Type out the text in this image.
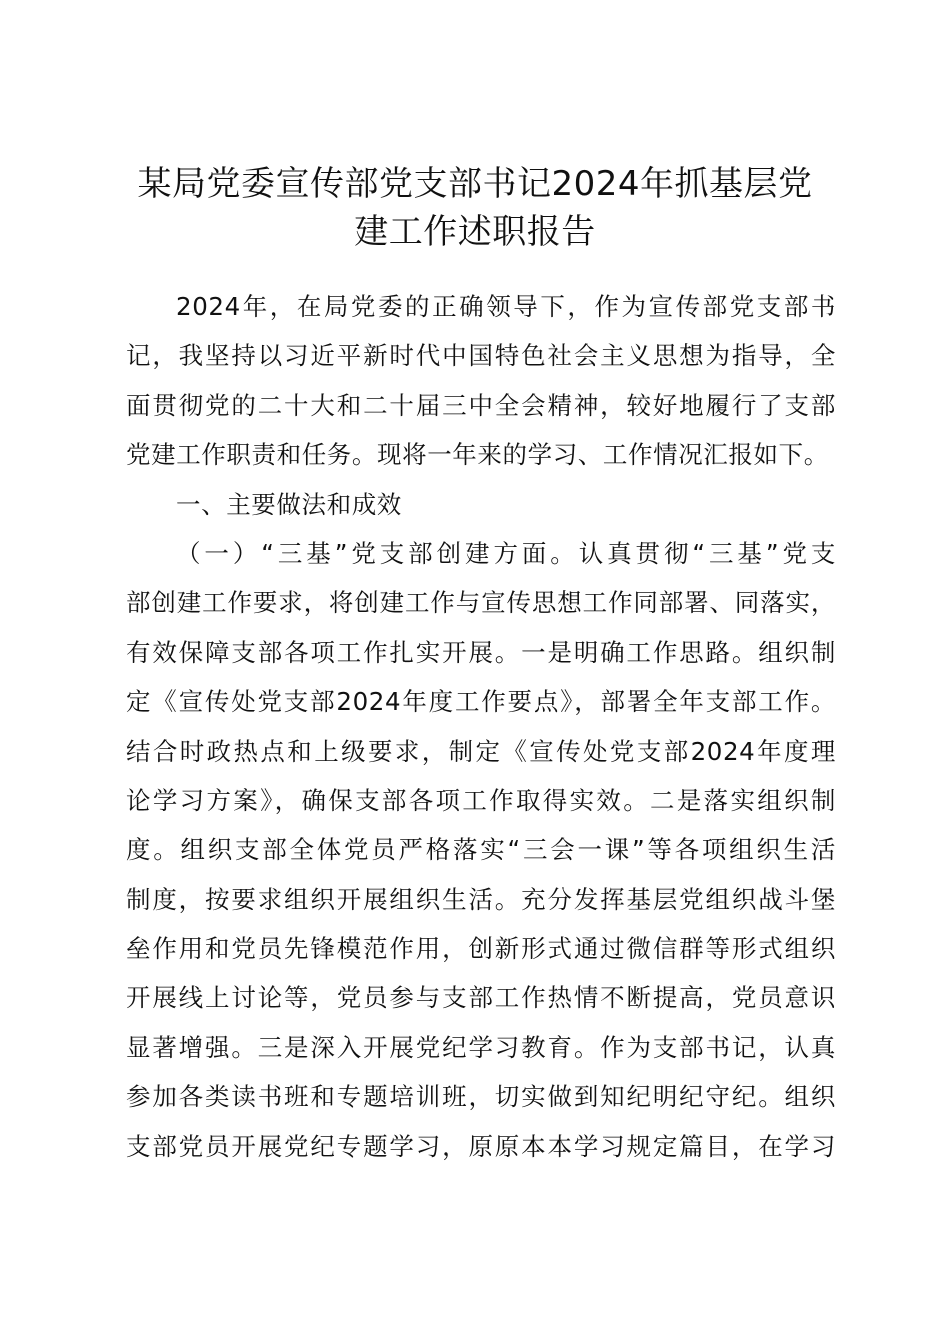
某局党委宣传部党支部书记2024年抓基层党
建工作述职报告
2024年，在局党委的正确领导下，作为宣传部党支部书
记，我坚持以习近平新时代中国特色社会主义思想为指导，全
面贯彻党的二十大和二十届三中全会精神，较好地履行了支部
党建工作职责和任务。现将一年来的学习、工作情况汇报如下。
一、主要做法和成效
（一）“三基”党支部创建方面。认真贯彻“三基”党支
部创建工作要求，将创建工作与宣传思想工作同部署、同落实，
有效保障支部各项工作扎实开展。一是明确工作思路。组织制
定《宣传处党支部2024年度工作要点》，部署全年支部工作。
结合时政热点和上级要求，制定《宣传处党支部2024年度理
论学习方案》，确保支部各项工作取得实效。二是落实组织制
度。组织支部全体党员严格落实“三会一课”等各项组织生活
制度，按要求组织开展组织生活。充分发挥基层党组织战斗堡
垒作用和党员先锋模范作用，创新形式通过微信群等形式组织
开展线上讨论等，党员参与支部工作热情不断提高，党员意识
显著增强。三是深入开展党纪学习教育。作为支部书记，认真
参加各类读书班和专题培训班，切实做到知纪明纪守纪。组织
支部党员开展党纪专题学习，原原本本学习规定篇目，在学习
